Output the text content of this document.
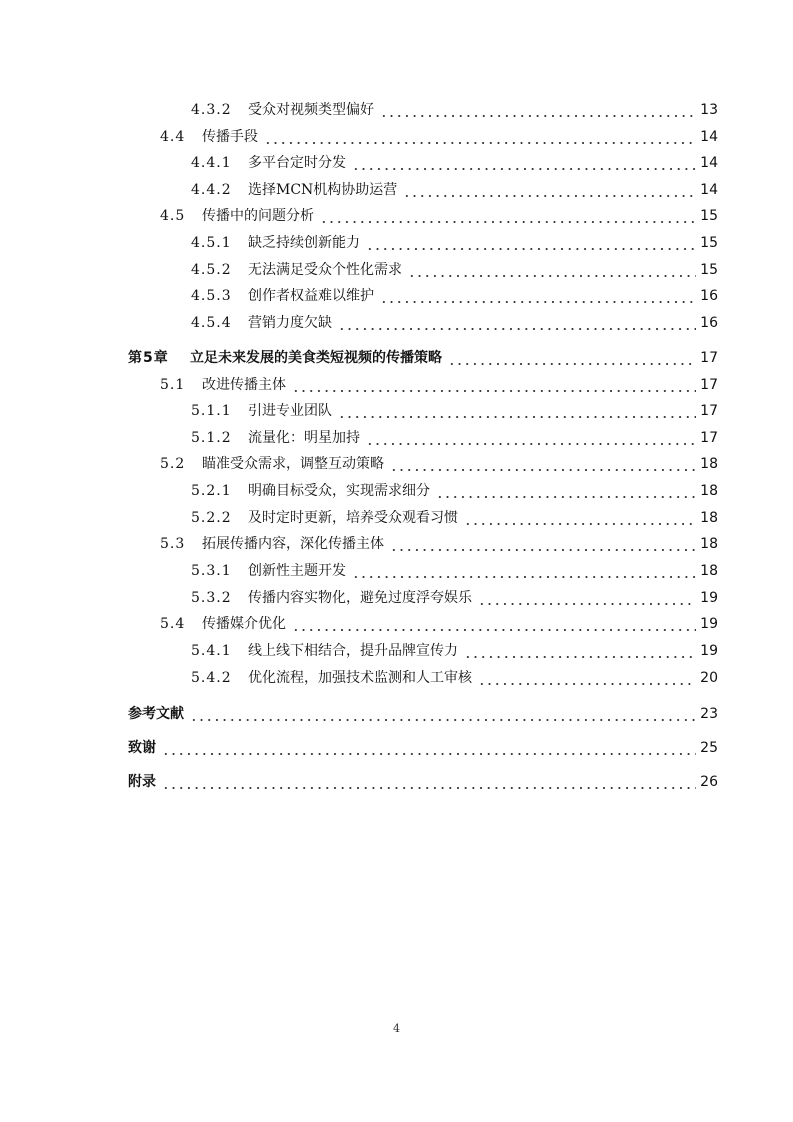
4.3.2	受众对视频类型偏好	13
4.4	传播手段	14
4.4.1	多平台定时分发	14
4.4.2	选择MCN机构协助运营	14
4.5	传播中的问题分析	15
4.5.1	缺乏持续创新能力	15
4.5.2	无法满足受众个性化需求	15
4.5.3	创作者权益难以维护	16
4.5.4	营销力度欠缺	16
第5章	立足未来发展的美食类短视频的传播策略	17
5.1	改进传播主体	17
5.1.1	引进专业团队	17
5.1.2	流量化：明星加持	17
5.2	瞄准受众需求，调整互动策略	18
5.2.1	明确目标受众，实现需求细分	18
5.2.2	及时定时更新，培养受众观看习惯	18
5.3	拓展传播内容，深化传播主体	18
5.3.1	创新性主题开发	18
5.3.2	传播内容实物化，避免过度浮夸娱乐	19
5.4	传播媒介优化	19
5.4.1	线上线下相结合，提升品牌宣传力	19
5.4.2	优化流程，加强技术监测和人工审核	20
参考文献	23
致谢	25
附录	26
4
